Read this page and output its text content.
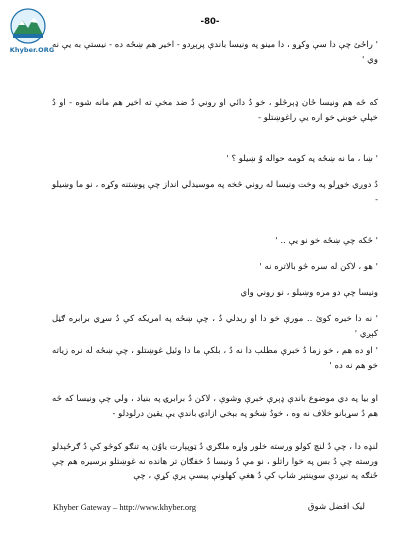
Khyber.ORG
-80-

' راځئ چې دا سې وکړو ، دا مينو په ونيسا باندې پرېږدو - اخير هم ښځه ده - نيستې به يې نه وي '

که څه هم ونيسا ځان ډېرڅلو ، خو دُ دائي او روني دُ ضد مخې ته اخير هم مانه شوه - او دُ خپلې خوبنۍ خو اره يې راغوښتلو -

' ښا ، ما نه ښځه په کومه حواله وُ ښیلو ؟ '

دُ دوږي خوړلو په وخت ونيسا له روني څخه په موسيدلي انداز چې پوښتنه وکړه ، نو ما وښیلو -

' څکه چې ښځه خو نو يې .. '

' هو ، لاکن له سره څو بالاتره نه '

ونيسا چې دو مره وښيلو ، نو روني واي

' نه دا خبره کوئ .. مورې خو دا او ربدلي دُ ، چې ښځه په امريکه کې دُ سړي برابره ګڼل کېږي '

' او ده هم ، خو زما دُ خبرې مطلب دا نه دُ ، بلکې ما دا وئيل غوښتلو ، چې ښځه له نره زياته خو هم نه ده '

او بيا په دي موضوع باندې ډېرې خبرې وشوې ، لاکن دُ برابرۍ په بنياد ، ولي چې ونيسا که څه هم دُ سړبانو خلاف نه وه ، خودُ ښځو په بېخي ازادۍ باندې يې يقين درلودلو -

لنډه دا ، چې دُ لنچ کولو ورسته خلور واړه ملګري دُ ټوپېارت ياوُن په تنګو کوڅو کې دُ ګرځېدلو ورسته چې دُ بس په خوا راتلو ، نو مې دُ ونيسا دُ خفګان تر هانده نه غوښتلو برسيره هم چې ځنګه په نيږدې سوينتېر شاپ کې دُ هغې کهلونې پيسې پرې کړې ، چې

Khyber Gateway – http://www.khyber.org	ليک افضل شوق
